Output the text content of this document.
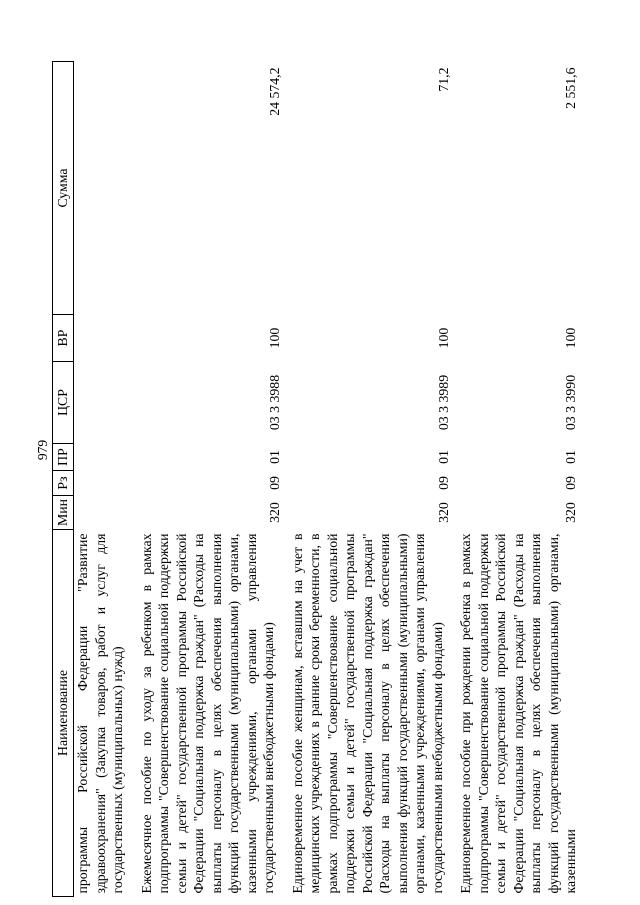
979
Наименование	Мин	Рз	ПР	ЦСР	ВР	Сумма
программы Российской Федерации "Развитие здравоохранения" (Закупка товаров, работ и услуг для государственных (муниципальных) нужд)						
Ежемесячное пособие по уходу за ребенком в рамках подпрограммы "Совершенствование социальной поддержки семьи и детей" государственной программы Российской Федерации "Социальная поддержка граждан" (Расходы на выплаты персоналу в целях обеспечения выполнения функций государственными (муниципальными) органами, казенными учреждениями, органами управления государственными внебюджетными фондами)	320	09	01	03 3 3988	100	24 574,2
Единовременное пособие женщинам, вставшим на учет в медицинских учреждениях в ранние сроки беременности, в рамках подпрограммы "Совершенствование социальной поддержки семьи и детей" государственной программы Российской Федерации "Социальная поддержка граждан" (Расходы на выплаты персоналу в целях обеспечения выполнения функций государственными (муниципальными) органами, казенными учреждениями, органами управления государственными внебюджетными фондами)	320	09	01	03 3 3989	100	71,2
Единовременное пособие при рождении ребенка в рамках подпрограммы "Совершенствование социальной поддержки семьи и детей" государственной программы Российской Федерации "Социальная поддержка граждан" (Расходы на выплаты персоналу в целях обеспечения выполнения функций государственными (муниципальными) органами, казенными	320	09	01	03 3 3990	100	2 551,6
